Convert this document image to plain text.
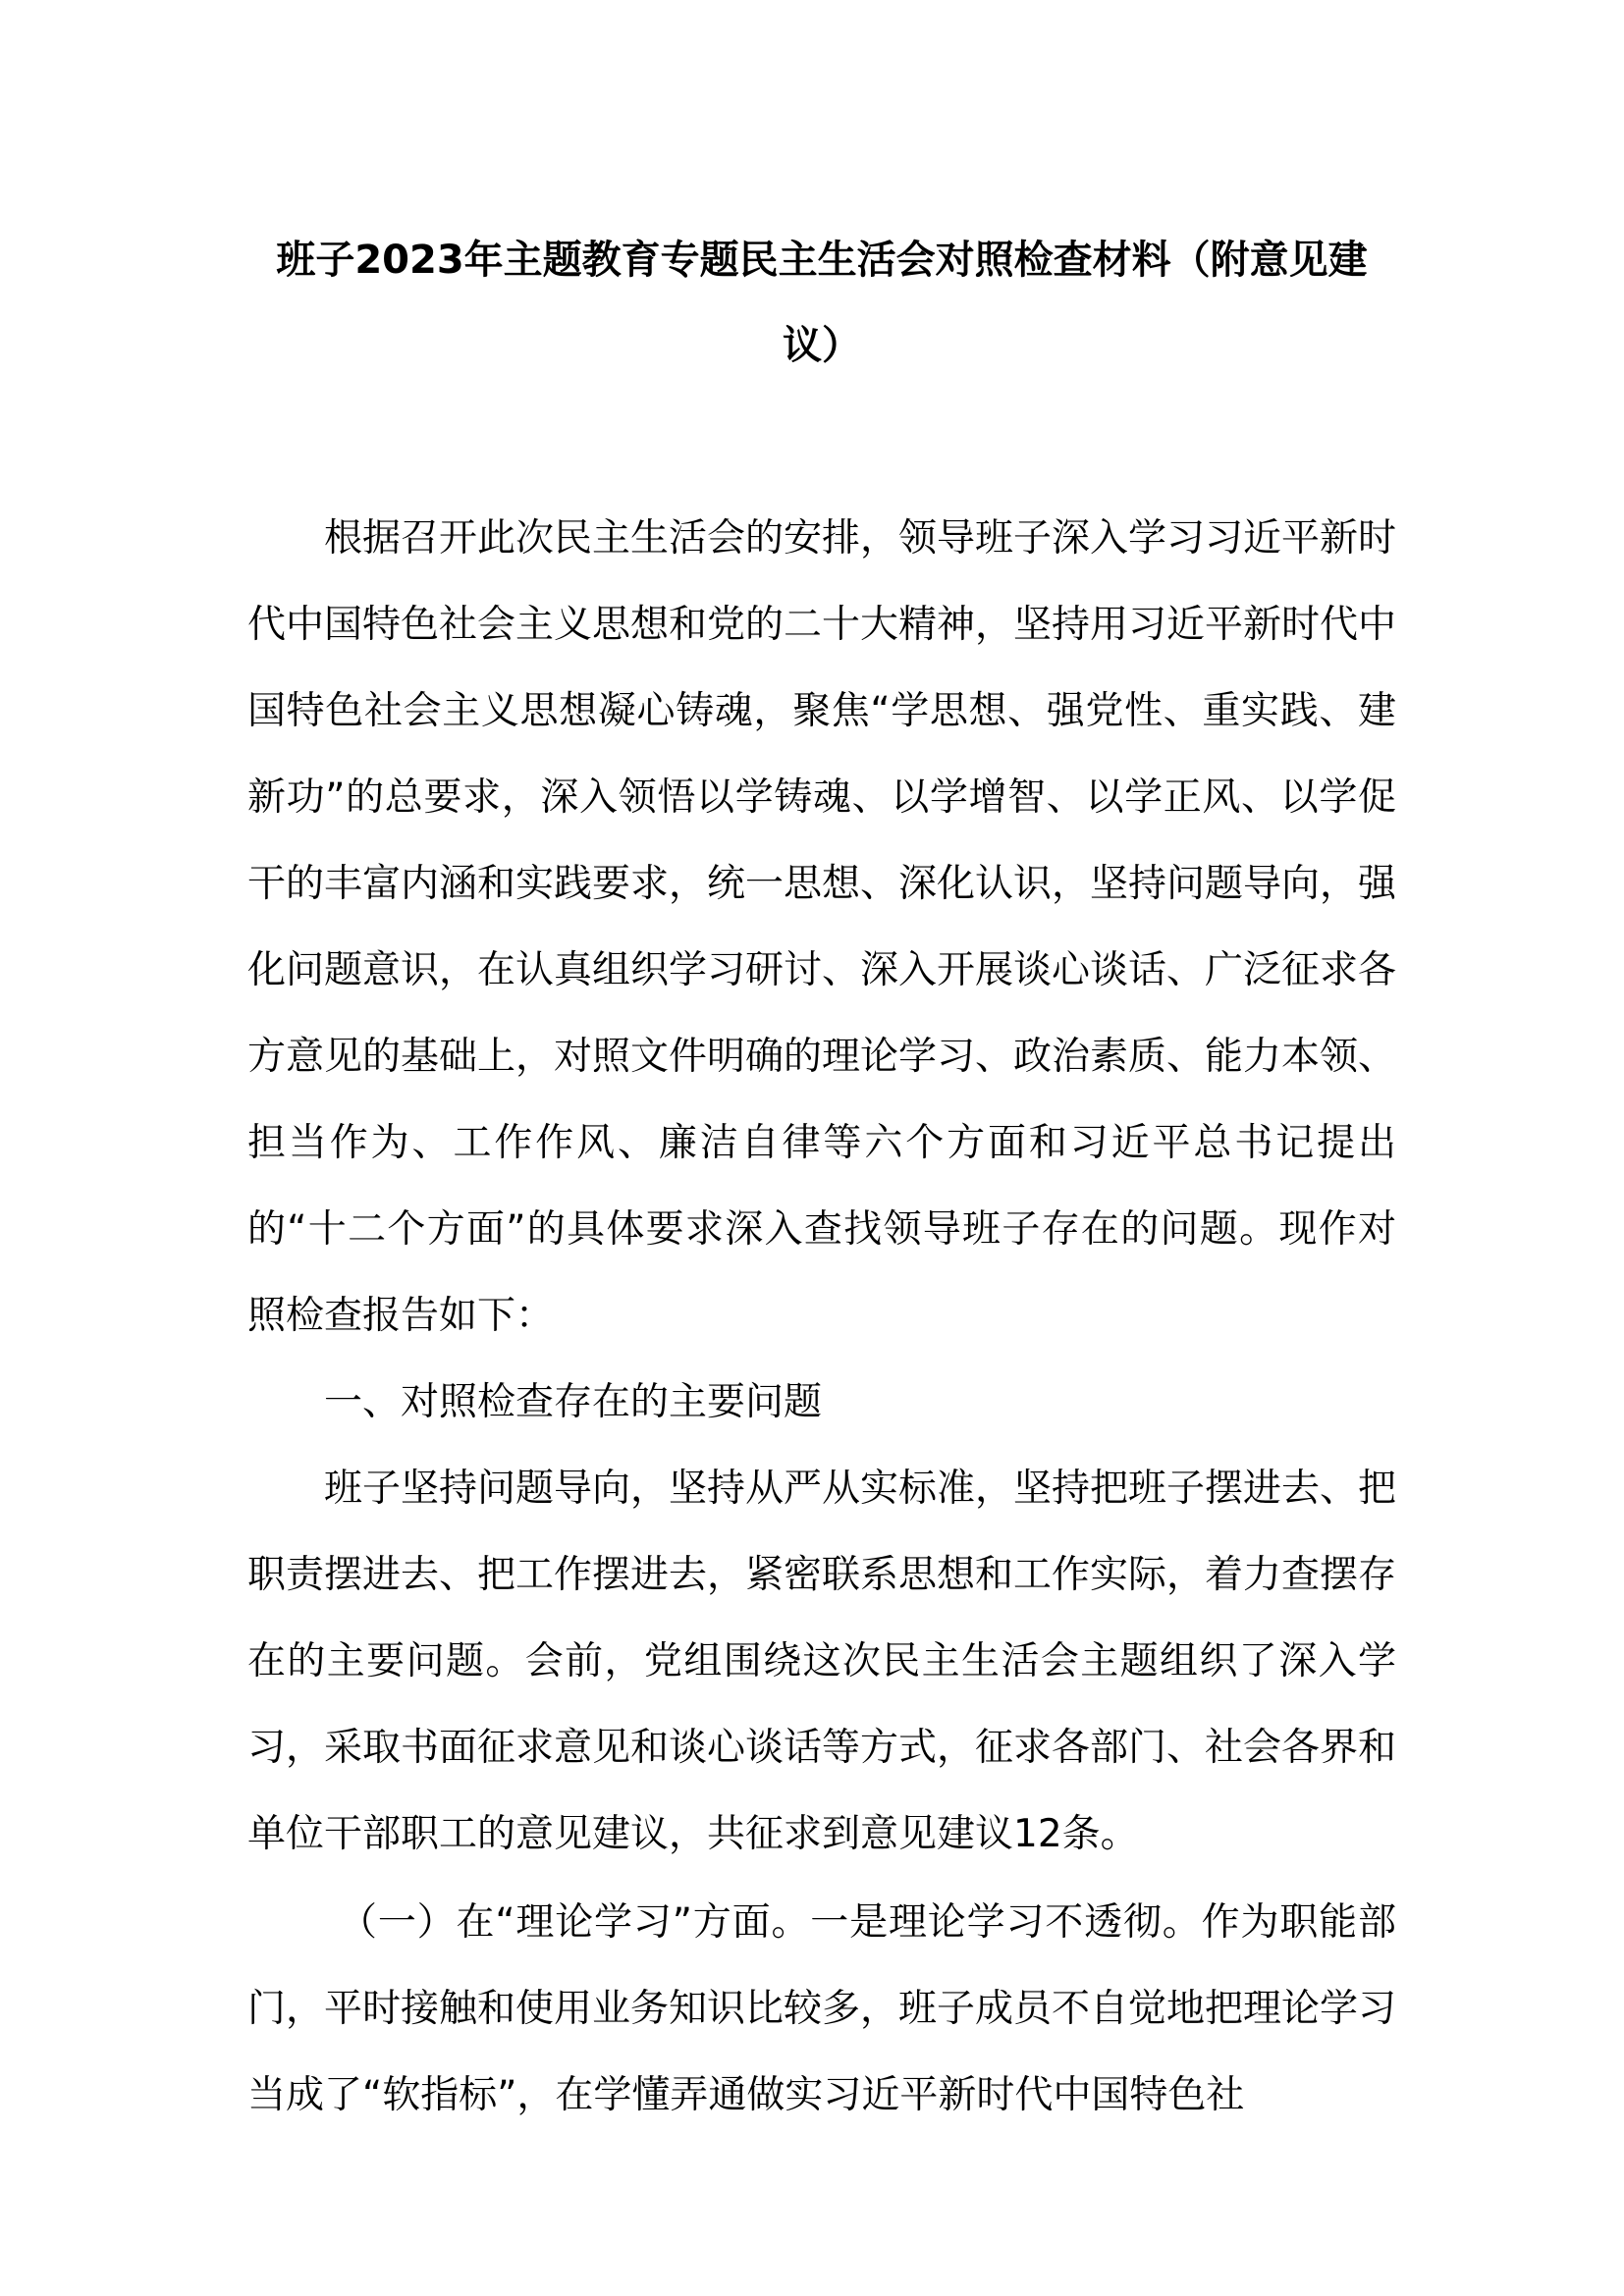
班子2023年主题教育专题民主生活会对照检查材料（附意见建
议）

根据召开此次民主生活会的安排，领导班子深入学习习近平新时代中国特色社会主义思想和党的二十大精神，坚持用习近平新时代中国特色社会主义思想凝心铸魂，聚焦“学思想、强党性、重实践、建新功”的总要求，深入领悟以学铸魂、以学增智、以学正风、以学促干的丰富内涵和实践要求，统一思想、深化认识，坚持问题导向，强化问题意识，在认真组织学习研讨、深入开展谈心谈话、广泛征求各方意见的基础上，对照文件明确的理论学习、政治素质、能力本领、担当作为、工作作风、廉洁自律等六个方面和习近平总书记提出的“十二个方面”的具体要求深入查找领导班子存在的问题。现作对照检查报告如下：

一、对照检查存在的主要问题

班子坚持问题导向，坚持从严从实标准，坚持把班子摆进去、把职责摆进去、把工作摆进去，紧密联系思想和工作实际，着力查摆存在的主要问题。会前，党组围绕这次民主生活会主题组织了深入学习，采取书面征求意见和谈心谈话等方式，征求各部门、社会各界和单位干部职工的意见建议，共征求到意见建议12条。

（一）在“理论学习”方面。一是理论学习不透彻。作为职能部门，平时接触和使用业务知识比较多，班子成员不自觉地把理论学习当成了“软指标”，在学懂弄通做实习近平新时代中国特色社
